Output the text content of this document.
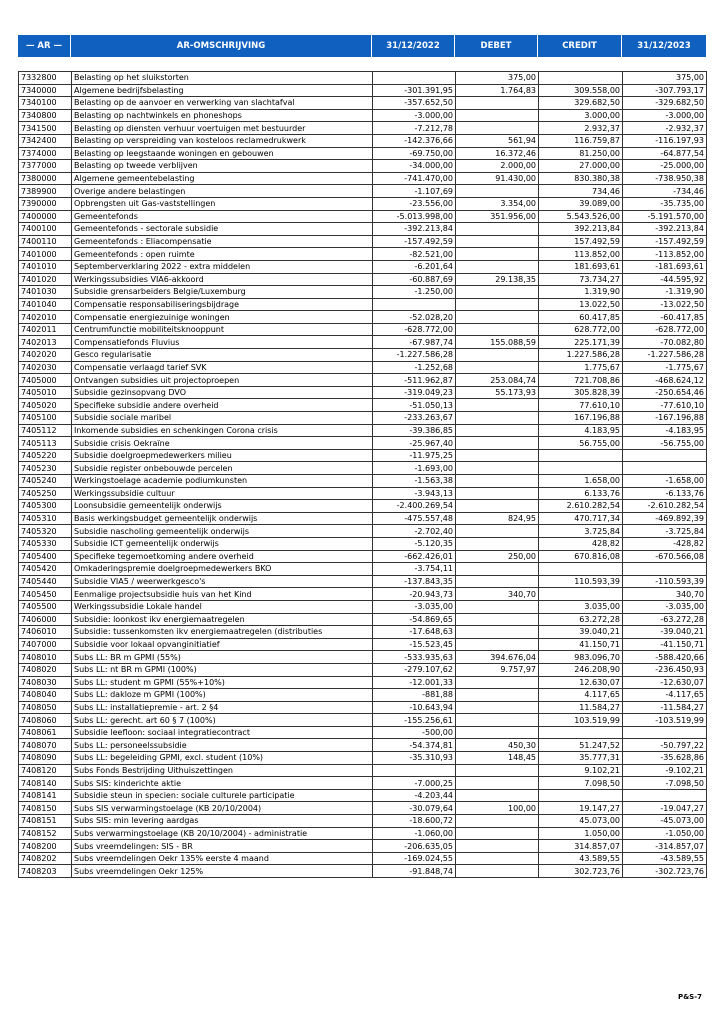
— AR —	AR-OMSCHRIJVING	31/12/2022	DEBET	CREDIT	31/12/2023
7332800	Belasting op het sluikstorten		375,00		375,00
7340000	Algemene bedrijfsbelasting	-301.391,95	1.764,83	309.558,00	-307.793,17
7340100	Belasting op de aanvoer en verwerking van slachtafval	-357.652,50		329.682,50	-329.682,50
7340800	Belasting op nachtwinkels en phoneshops	-3.000,00		3.000,00	-3.000,00
7341500	Belasting op diensten verhuur voertuigen met bestuurder	-7.212,78		2.932,37	-2.932,37
7342400	Belasting op verspreiding van kosteloos reclamedrukwerk	-142.376,66	561,94	116.759,87	-116.197,93
7374000	Belasting op leegstaande woningen en gebouwen	-69.750,00	16.372,46	81.250,00	-64.877,54
7377000	Belasting op tweede verblijven	-34.000,00	2.000,00	27.000,00	-25.000,00
7380000	Algemene gemeentebelasting	-741.470,00	91.430,00	830.380,38	-738.950,38
7389900	Overige andere belastingen	-1.107,69		734,46	-734,46
7390000	Opbrengsten uit Gas-vaststellingen	-23.556,00	3.354,00	39.089,00	-35.735,00
7400000	Gemeentefonds	-5.013.998,00	351.956,00	5.543.526,00	-5.191.570,00
7400100	Gemeentefonds - sectorale subsidie	-392.213,84		392.213,84	-392.213,84
7400110	Gemeentefonds : Eliacompensatie	-157.492,59		157.492,59	-157.492,59
7401000	Gemeentefonds : open ruimte	-82.521,00		113.852,00	-113.852,00
7401010	Septemberverklaring 2022 - extra middelen	-6.201,64		181.693,61	-181.693,61
7401020	Werkingssubsidies VIA6-akkoord	-60.887,69	29.138,35	73.734,27	-44.595,92
7401030	Subsidie grensarbeiders Belgie/Luxemburg	-1.250,00		1.319,90	-1.319,90
7401040	Compensatie responsabiliseringsbijdrage			13.022,50	-13.022,50
7402010	Compensatie energiezuinige woningen	-52.028,20		60.417,85	-60.417,85
7402011	Centrumfunctie mobiliteitsknooppunt	-628.772,00		628.772,00	-628.772,00
7402013	Compensatiefonds Fluvius	-67.987,74	155.088,59	225.171,39	-70.082,80
7402020	Gesco regularisatie	-1.227.586,28		1.227.586,28	-1.227.586,28
7402030	Compensatie verlaagd tarief SVK	-1.252,68		1.775,67	-1.775,67
7405000	Ontvangen subsidies uit projectoproepen	-511.962,87	253.084,74	721.708,86	-468.624,12
7405010	Subsidie gezinsopvang DVO	-319.049,23	55.173,93	305.828,39	-250.654,46
7405020	Specifieke subsidie andere overheid	-51.050,13		77.610,10	-77.610,10
7405100	Subsidie sociale maribel	-233.263,67		167.196,88	-167.196,88
7405112	Inkomende subsidies en schenkingen Corona crisis	-39.386,85		4.183,95	-4.183,95
7405113	Subsidie crisis Oekraïne	-25.967,40		56.755,00	-56.755,00
7405220	Subsidie doelgroepmedewerkers milieu	-11.975,25			
7405230	Subsidie register onbebouwde percelen	-1.693,00			
7405240	Werkingstoelage academie podiumkunsten	-1.563,38		1.658,00	-1.658,00
7405250	Werkingssubsidie cultuur	-3.943,13		6.133,76	-6.133,76
7405300	Loonsubsidie gemeentelijk onderwijs	-2.400.269,54		2.610.282,54	-2.610.282,54
7405310	Basis werkingsbudget gemeentelijk onderwijs	-475.557,48	824,95	470.717,34	-469.892,39
7405320	Subsidie nascholing gemeentelijk onderwijs	-2.702,40		3.725,84	-3.725,84
7405330	Subsidie ICT gemeentelijk onderwijs	-5.120,35		428,82	-428,82
7405400	Specifieke tegemoetkoming andere overheid	-662.426,01	250,00	670.816,08	-670.566,08
7405420	Omkaderingspremie doelgroepmedewerkers BKO	-3.754,11			
7405440	Subsidie VIA5 / weerwerkgesco's	-137.843,35		110.593,39	-110.593,39
7405450	Eenmalige projectsubsidie huis van het Kind	-20.943,73	340,70		340,70
7405500	Werkingssubsidie Lokale handel	-3.035,00		3.035,00	-3.035,00
7406000	Subsidie: loonkost ikv energiemaatregelen	-54.869,65		63.272,28	-63.272,28
7406010	Subsidie: tussenkomsten ikv energiemaatregelen (distributies	-17.648,63		39.040,21	-39.040,21
7407000	Subsidie voor lokaal opvanginitiatief	-15.523,45		41.150,71	-41.150,71
7408010	Subs LL: BR m GPMI (55%)	-533.935,63	394.676,04	983.096,70	-588.420,66
7408020	Subs LL: nt BR m GPMI (100%)	-279.107,62	9.757,97	246.208,90	-236.450,93
7408030	Subs LL: student m GPMI (55%+10%)	-12.001,33		12.630,07	-12.630,07
7408040	Subs LL: dakloze m GPMI (100%)	-881,88		4.117,65	-4.117,65
7408050	Subs LL: installatiepremie - art. 2 §4	-10.643,94		11.584,27	-11.584,27
7408060	Subs LL: gerecht. art 60 § 7 (100%)	-155.256,61		103.519,99	-103.519,99
7408061	Subsidie leefloon: sociaal integratiecontract	-500,00			
7408070	Subs LL: personeelssubsidie	-54.374,81	450,30	51.247,52	-50.797,22
7408090	Subs LL: begeleiding GPMI, excl. student (10%)	-35.310,93	148,45	35.777,31	-35.628,86
7408120	Subs Fonds Bestrijding Uithuiszettingen			9.102,21	-9.102,21
7408140	Subs SIS: kinderichte aktie	-7.000,25		7.098,50	-7.098,50
7408141	Subsidie steun in specien: sociale culturele participatie	-4.203,44			
7408150	Subs SIS verwarmingstoelage (KB 20/10/2004)	-30.079,64	100,00	19.147,27	-19.047,27
7408151	Subs SIS: min levering aardgas	-18.600,72		45.073,00	-45.073,00
7408152	Subs verwarmingstoelage (KB 20/10/2004) - administratie	-1.060,00		1.050,00	-1.050,00
7408200	Subs vreemdelingen: SIS - BR	-206.635,05		314.857,07	-314.857,07
7408202	Subs vreemdelingen Oekr 135% eerste 4 maand	-169.024,55		43.589,55	-43.589,55
7408203	Subs vreemdelingen Oekr 125%	-91.848,74		302.723,76	-302.723,76
P&S-7
